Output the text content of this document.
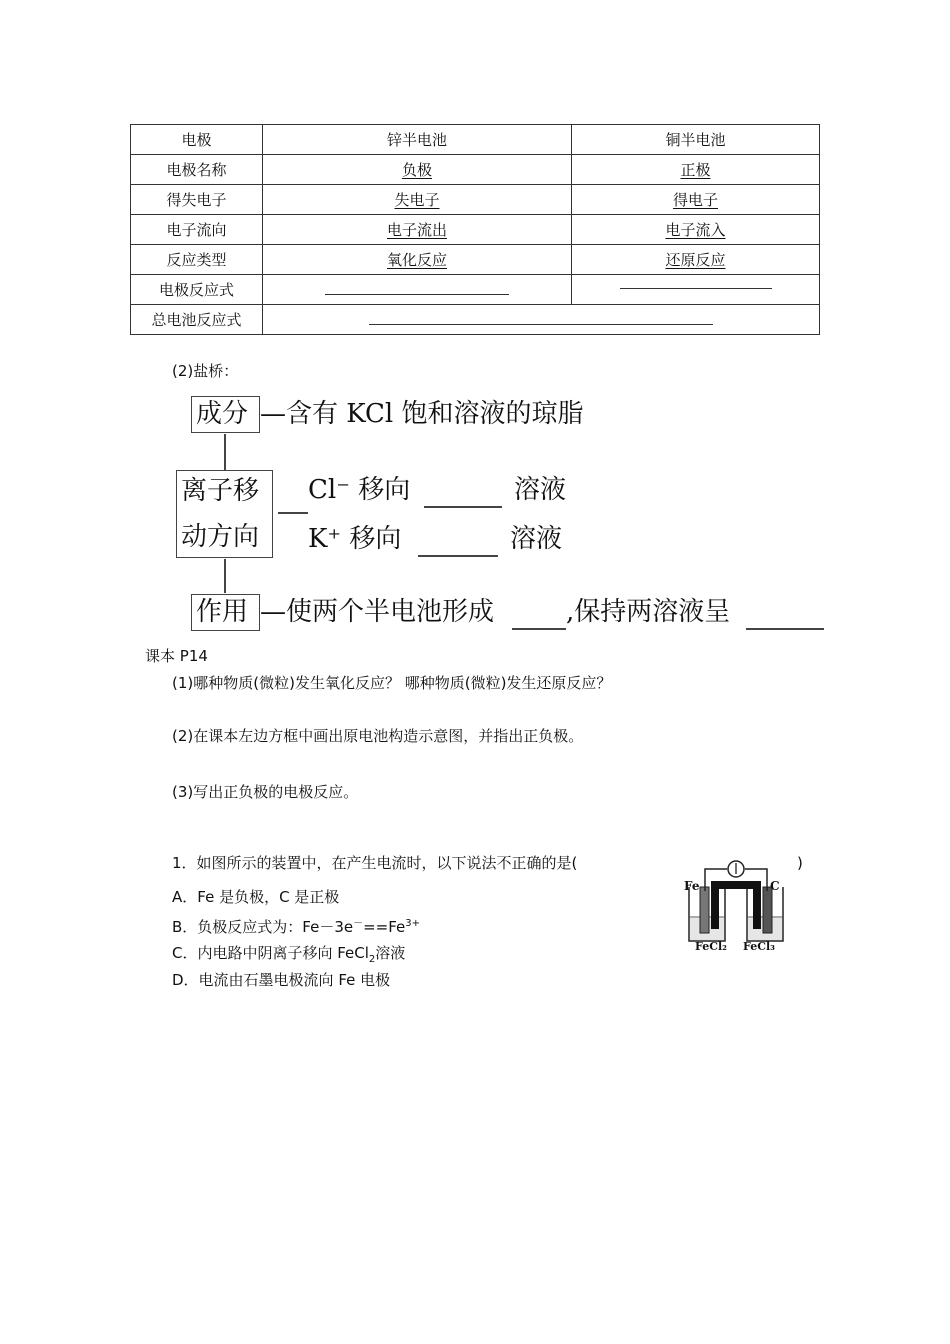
电极	锌半电池	铜半电池
电极名称	负极	正极
得失电子	失电子	得电子
电子流向	电子流出	电子流入
反应类型	氧化反应	还原反应
电极反应式		
总电池反应式		
(2)盐桥：
成分 —含有 KCl 饱和溶液的琼脂
离子移
动方向
Cl⁻ 移向	溶液
K⁺ 移向	溶液
作用 —使两个半电池形成	,保持两溶液呈
课本 P14
(1)哪种物质(微粒)发生氧化反应？ 哪种物质(微粒)发生还原反应？
(2)在课本左边方框中画出原电池构造示意图，并指出正负极。
(3)写出正负极的电极反应。
1．如图所示的装置中，在产生电流时，以下说法不正确的是(	)
A．Fe 是负极，C 是正极
B．负极反应式为：$Fe-3e^-==Fe^{3+}$
C．内电路中阴离子移向 FeCl$_2$溶液
D．电流由石墨电极流向 Fe 电极
Fe	C
FeCl₂ FeCl₃
